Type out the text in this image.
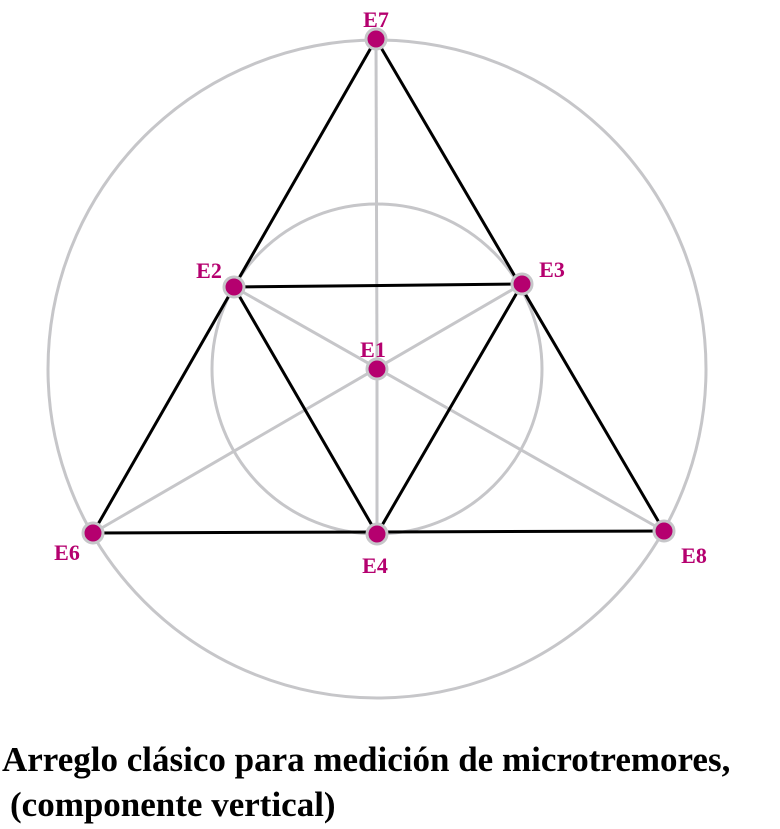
E1
E2	E3
E4
E6
E7
E8
Arreglo clásico para medición de microtremores,
(componente vertical)
